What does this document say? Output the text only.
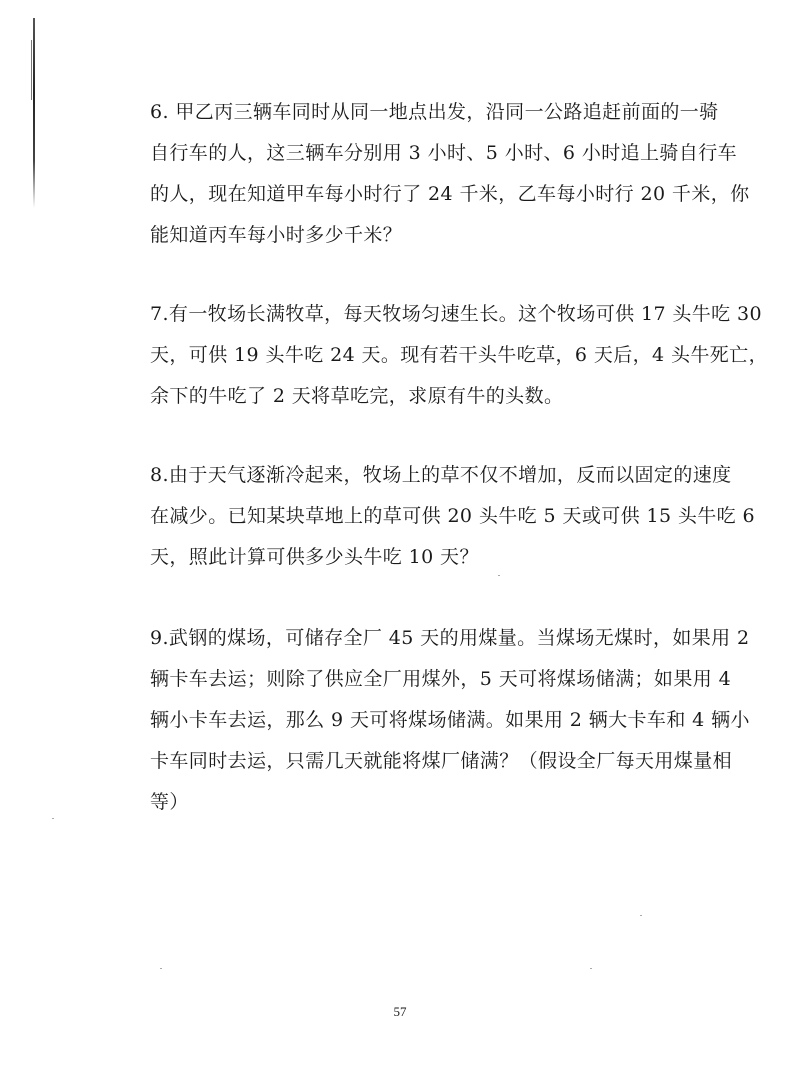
6. 甲乙丙三辆车同时从同一地点出发，沿同一公路追赶前面的一骑
自行车的人，这三辆车分别用 3 小时、5 小时、6 小时追上骑自行车
的人，现在知道甲车每小时行了 24 千米，乙车每小时行 20 千米，你
能知道丙车每小时多少千米？
7.有一牧场长满牧草，每天牧场匀速生长。这个牧场可供 17 头牛吃 30
天，可供 19 头牛吃 24 天。现有若干头牛吃草，6 天后，4 头牛死亡，
余下的牛吃了 2 天将草吃完，求原有牛的头数。
8.由于天气逐渐冷起来，牧场上的草不仅不增加，反而以固定的速度
在减少。已知某块草地上的草可供 20 头牛吃 5 天或可供 15 头牛吃 6
天，照此计算可供多少头牛吃 10 天？
9.武钢的煤场，可储存全厂 45 天的用煤量。当煤场无煤时，如果用 2
辆卡车去运；则除了供应全厂用煤外，5 天可将煤场储满；如果用 4
辆小卡车去运，那么 9 天可将煤场储满。如果用 2 辆大卡车和 4 辆小
卡车同时去运，只需几天就能将煤厂储满？（假设全厂每天用煤量相
等）
57
